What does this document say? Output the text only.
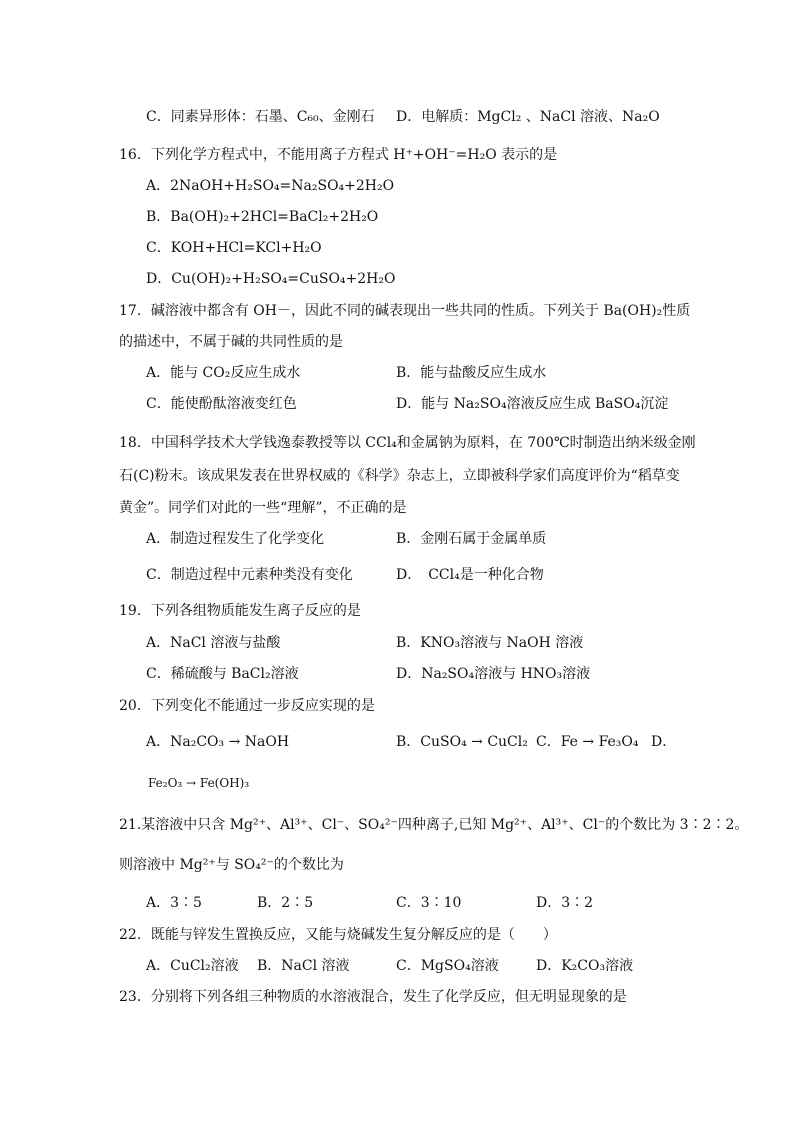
C．同素异形体：石墨、C₆₀、金刚石 D．电解质：MgCl₂ 、NaCl 溶液、Na₂O
16．下列化学方程式中，不能用离子方程式 H⁺+OH⁻=H₂O 表示的是
A．2NaOH+H₂SO₄=Na₂SO₄+2H₂O
B．Ba(OH)₂+2HCl=BaCl₂+2H₂O
C．KOH+HCl=KCl+H₂O
D．Cu(OH)₂+H₂SO₄=CuSO₄+2H₂O
17．碱溶液中都含有 OH－，因此不同的碱表现出一些共同的性质。下列关于 Ba(OH)₂性质
的描述中，不属于碱的共同性质的是
A．能与 CO₂反应生成水	B．能与盐酸反应生成水
C．能使酚酞溶液变红色	D．能与 Na₂SO₄溶液反应生成 BaSO₄沉淀
18．中国科学技术大学钱逸泰教授等以 CCl₄和金属钠为原料，在 700℃时制造出纳米级金刚
石(C)粉末。该成果发表在世界权威的《科学》杂志上，立即被科学家们高度评价为“稻草变
黄金”。同学们对此的一些“理解”，不正确的是
A．制造过程发生了化学变化	B．金刚石属于金属单质
C．制造过程中元素种类没有变化	D．　CCl₄是一种化合物
19．下列各组物质能发生离子反应的是
A．NaCl 溶液与盐酸	B．KNO₃溶液与 NaOH 溶液
C．稀硫酸与 BaCl₂溶液	D．Na₂SO₄溶液与 HNO₃溶液
20．下列变化不能通过一步反应实现的是
A．Na₂CO₃ → NaOH	B．CuSO₄ → CuCl₂ C．Fe → Fe₃O₄ D．
Fe₂O₃ → Fe(OH)₃
21.某溶液中只含 Mg²⁺、Al³⁺、Cl⁻、SO₄²⁻四种离子,已知 Mg²⁺、Al³⁺、Cl⁻的个数比为 3∶2∶2。
则溶液中 Mg²⁺与 SO₄²⁻的个数比为
A．3∶5	B．2∶5	C．3∶10	D．3∶2
22．既能与锌发生置换反应，又能与烧碱发生复分解反应的是（　　）
A．CuCl₂溶液 B．NaCl 溶液	C．MgSO₄溶液	D．K₂CO₃溶液
23．分别将下列各组三种物质的水溶液混合，发生了化学反应，但无明显现象的是
